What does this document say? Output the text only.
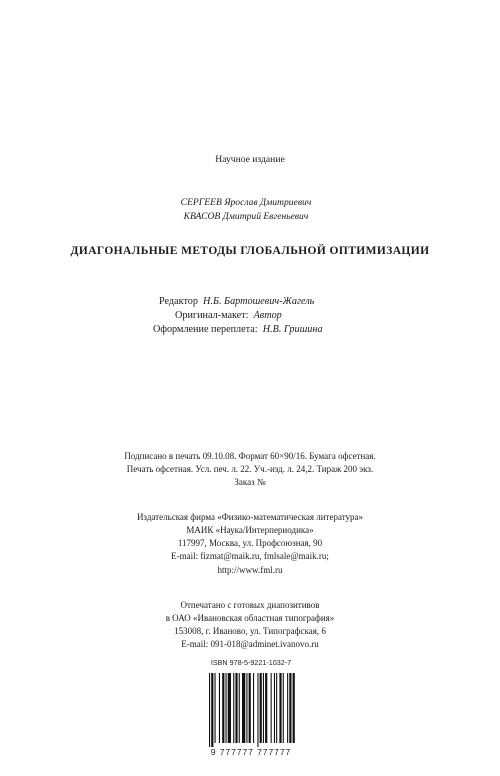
Научное издание
СЕРГЕЕВ Ярослав Дмитриевич
КВАСОВ Дмитрий Евгеньевич
ДИАГОНАЛЬНЫЕ МЕТОДЫ ГЛОБАЛЬНОЙ ОПТИМИЗАЦИИ
Редактор Н.Б. Бартошевич-Жагель
Оригинал-макет: Автор
Оформление переплета: Н.В. Гришина
Подписано в печать 09.10.08. Формат 60×90/16. Бумага офсетная.
Печать офсетная. Усл. печ. л. 22. Уч.-изд. л. 24,2. Тираж 200 экз.
Заказ №
Издательская фирма «Физико-математическая литература»
МАИК «Наука/Интерпериодика»
117997, Москва, ул. Профсоюзная, 90
E-mail: fizmat@maik.ru, fmlsale@maik.ru;
http://www.fml.ru
Отпечатано с готовых диапозитивов
в ОАО «Ивановская областная типография»
153008, г. Иваново, ул. Типографская, 6
E-mail: 091-018@adminet.ivanovo.ru
ISBN 978-5-9221-1032-7
9 777777 777777
